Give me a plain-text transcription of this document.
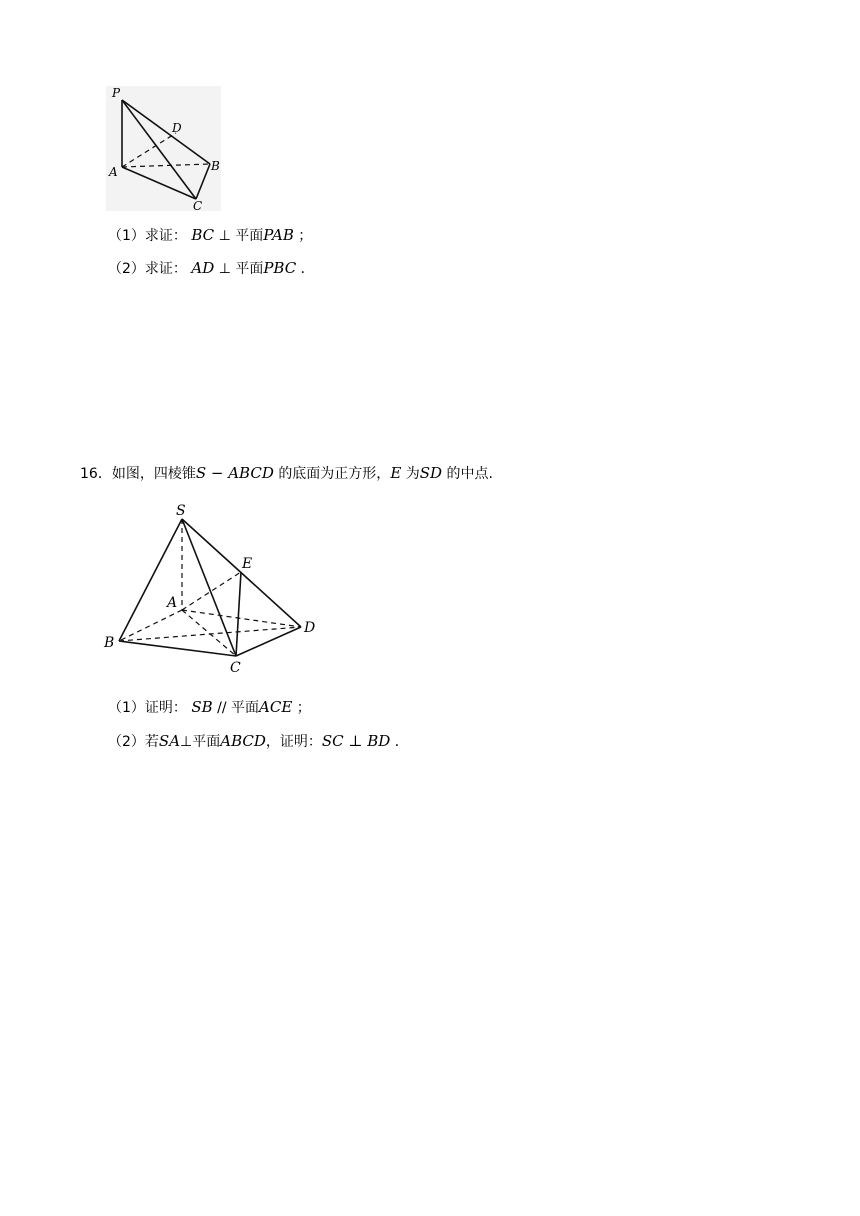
P
D
A	B
C
（1）求证： BC ⊥ 平面PAB ；
（2）求证： AD ⊥ 平面PBC ．
16．如图，四棱锥S − ABCD 的底面为正方形，E 为SD 的中点.
S
E
A
B
C
D
（1）证明： SB // 平面ACE ；
（2）若SA⊥平面ABCD，证明：SC ⊥ BD ．
